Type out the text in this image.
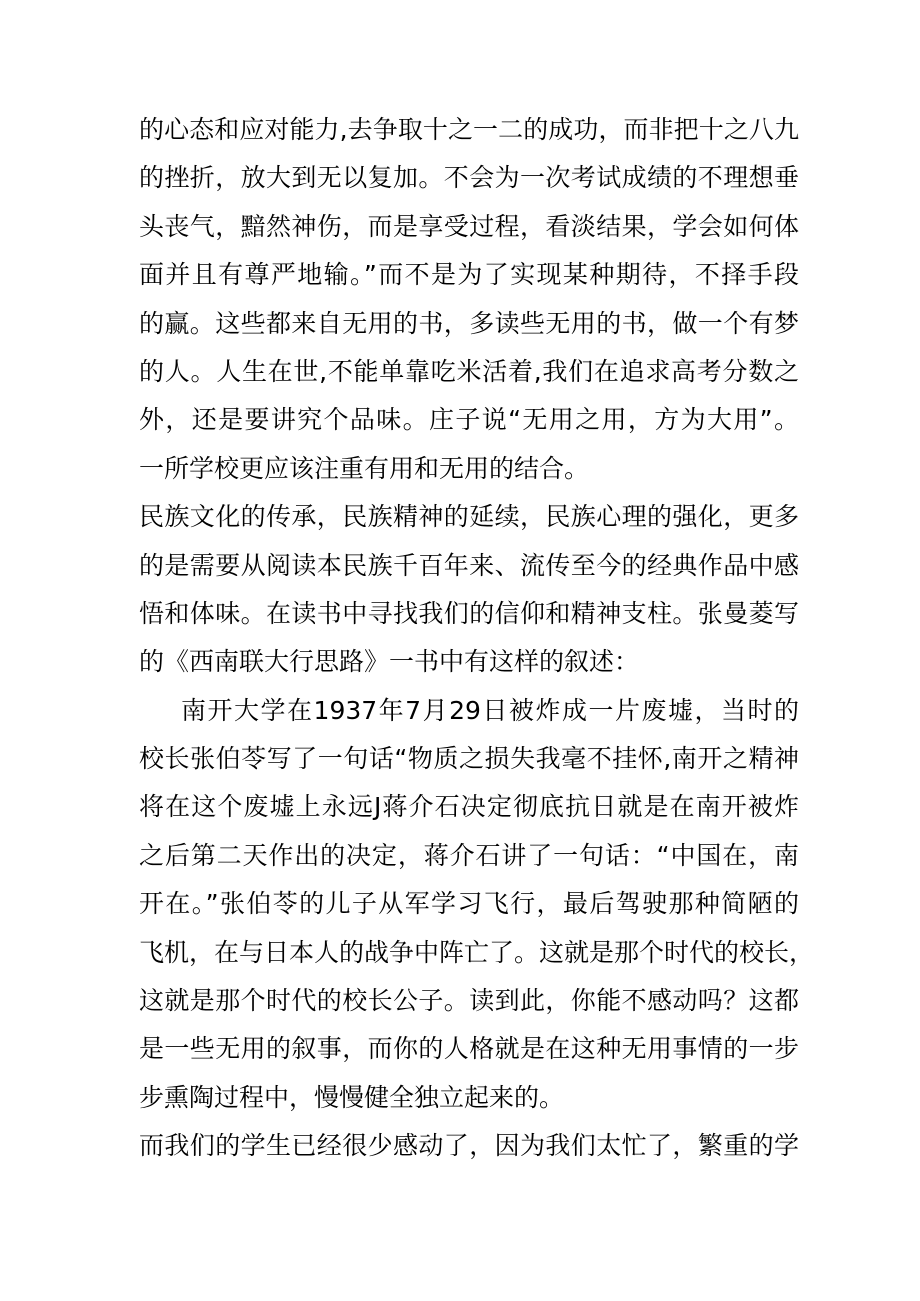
的心态和应对能力,去争取十之一二的成功，而非把十之八九
的挫折，放大到无以复加。不会为一次考试成绩的不理想垂
头丧气，黯然神伤，而是享受过程，看淡结果，学会如何体
面并且有尊严地输。”而不是为了实现某种期待，不择手段
的赢。这些都来自无用的书，多读些无用的书，做一个有梦
的人。人生在世,不能单靠吃米活着,我们在追求高考分数之
外，还是要讲究个品味。庄子说“无用之用，方为大用”。
一所学校更应该注重有用和无用的结合。
民族文化的传承，民族精神的延续，民族心理的强化，更多
的是需要从阅读本民族千百年来、流传至今的经典作品中感
悟和体味。在读书中寻找我们的信仰和精神支柱。张曼菱写
的《西南联大行思路》一书中有这样的叙述：
南开大学在1937年7月29日被炸成一片废墟，当时的
校长张伯苓写了一句话“物质之损失我毫不挂怀,南开之精神
将在这个废墟上永远J蒋介石决定彻底抗日就是在南开被炸
之后第二天作出的决定，蒋介石讲了一句话：“中国在，南
开在。”张伯苓的儿子从军学习飞行，最后驾驶那种简陋的
飞机，在与日本人的战争中阵亡了。这就是那个时代的校长，
这就是那个时代的校长公子。读到此，你能不感动吗？这都
是一些无用的叙事，而你的人格就是在这种无用事情的一步
步熏陶过程中，慢慢健全独立起来的。
而我们的学生已经很少感动了，因为我们太忙了，繁重的学
